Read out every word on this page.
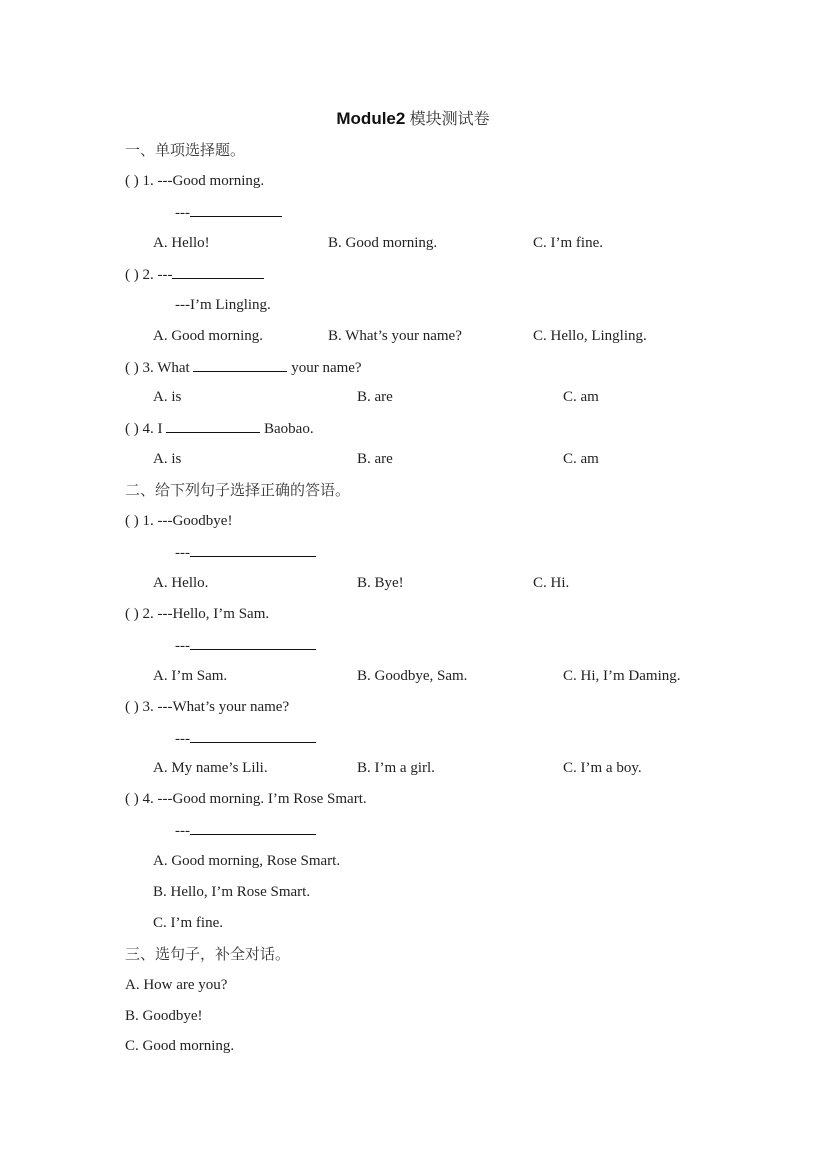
Module2 模块测试卷
一、单项选择题。
( ) 1. ---Good morning.
---
A. Hello!	B. Good morning.	C. I’m fine.
( ) 2. ---
---I’m Lingling.
A. Good morning.	B. What’s your name?	C. Hello, Lingling.
( ) 3. What	your name?
A. is	B. are	C. am
( ) 4. I	Baobao.
A. is	B. are	C. am
二、给下列句子选择正确的答语。
( ) 1. ---Goodbye!
---
A. Hello.	B. Bye!	C. Hi.
( ) 2. ---Hello, I’m Sam.
---
A. I’m Sam.	B. Goodbye, Sam.	C. Hi, I’m Daming.
( ) 3. ---What’s your name?
---
A. My name’s Lili.	B. I’m a girl.	C. I’m a boy.
( ) 4. ---Good morning. I’m Rose Smart.
---
A. Good morning, Rose Smart.
B. Hello, I’m Rose Smart.
C. I’m fine.
三、选句子，补全对话。
A. How are you?
B. Goodbye!
C. Good morning.
